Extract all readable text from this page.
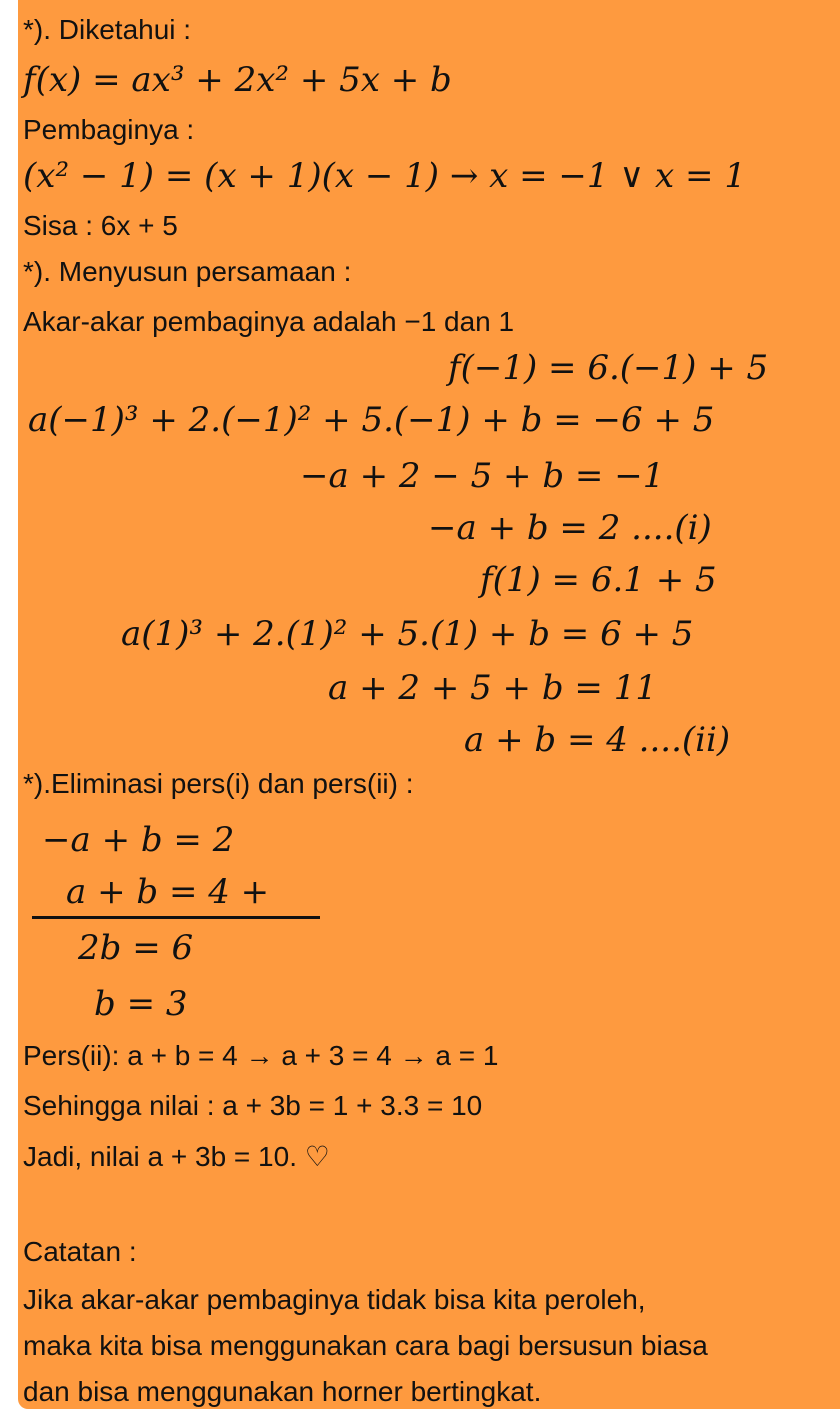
*). Diketahui :
f(x) = ax³ + 2x² + 5x + b
Pembaginya :
(x² − 1) = (x + 1)(x − 1) → x = −1 ∨ x = 1
Sisa : 6x + 5
*). Menyusun persamaan :
Akar-akar pembaginya adalah −1 dan 1
f(−1) = 6.(−1) + 5
a(−1)³ + 2.(−1)² + 5.(−1) + b = −6 + 5
−a + 2 − 5 + b = −1
−a + b = 2 ....(i)
f(1) = 6.1 + 5
a(1)³ + 2.(1)² + 5.(1) + b = 6 + 5
a + 2 + 5 + b = 11
a + b = 4 ....(ii)
*).Eliminasi pers(i) dan pers(ii) :
−a + b = 2
a + b = 4 +
2b = 6
b = 3
Pers(ii): a + b = 4 → a + 3 = 4 → a = 1
Sehingga nilai : a + 3b = 1 + 3.3 = 10
Jadi, nilai a + 3b = 10. ♡
Catatan :
Jika akar-akar pembaginya tidak bisa kita peroleh,
maka kita bisa menggunakan cara bagi bersusun biasa
dan bisa menggunakan horner bertingkat.
